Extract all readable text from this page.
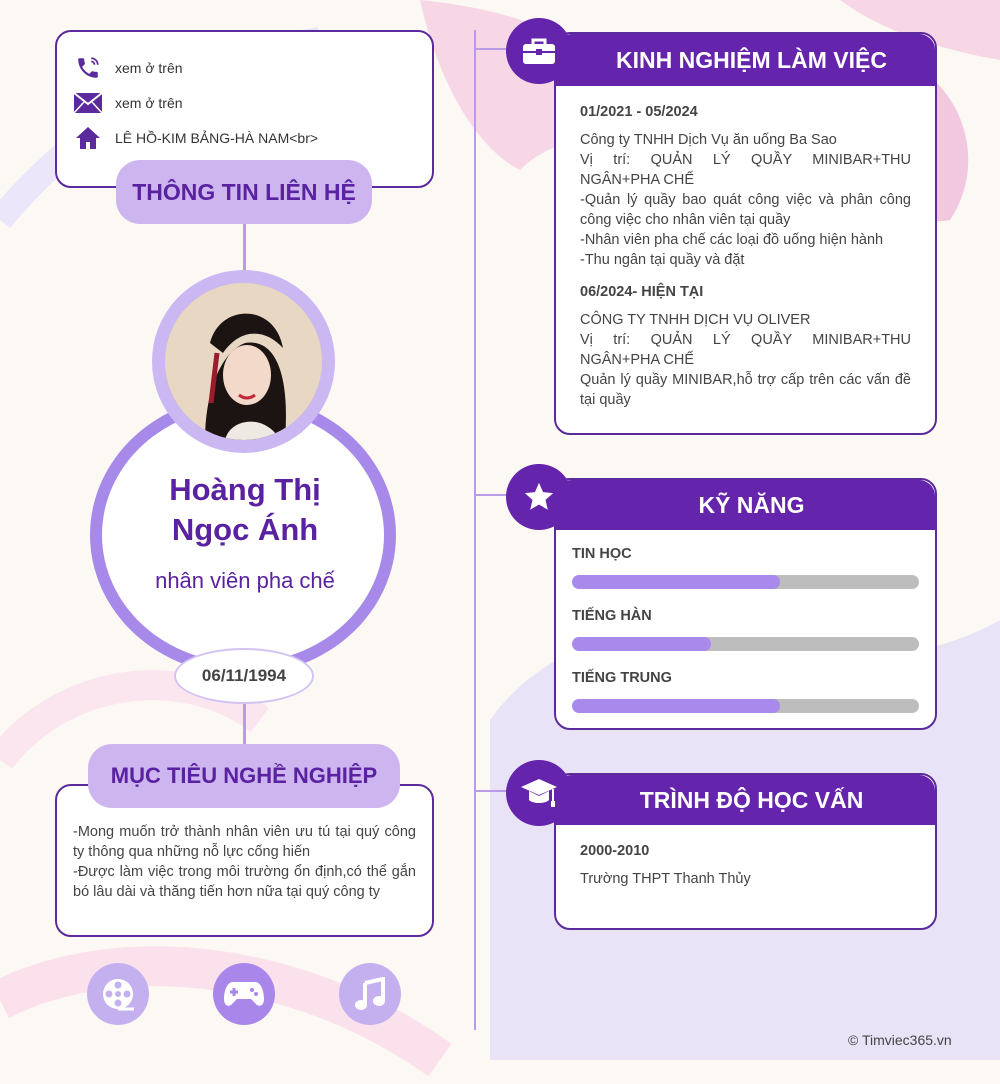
xem ở trên
xem ở trên
LÊ HỒ-KIM BẢNG-HÀ NAM<br>
THÔNG TIN LIÊN HỆ
Hoàng Thị
Ngọc Ánh
nhân viên pha chế
06/11/1994
-Mong muốn trở thành nhân viên ưu tú tại quý công ty thông qua những nỗ lực cống hiến
-Được làm việc trong môi trường ổn định,có thể gắn bó lâu dài và thăng tiến hơn nữa tại quý công ty
MỤC TIÊU NGHỀ NGHIỆP
KINH NGHIỆM LÀM VIỆC
01/2021 - 05/2024
Công ty TNHH Dịch Vụ ăn uống Ba Sao
Vị trí: QUẢN LÝ QUẦY MINIBAR+THU NGÂN+PHA CHẾ
-Quản lý quầy bao quát công việc và phân công công việc cho nhân viên tại quầy
-Nhân viên pha chế các loại đồ uống hiện hành
-Thu ngân tại quầy và đặt
06/2024- HIỆN TẠI
CÔNG TY TNHH DỊCH VỤ OLIVER
Vị trí: QUẢN LÝ QUẦY MINIBAR+THU NGÂN+PHA CHẾ
Quản lý quầy MINIBAR,hỗ trợ cấp trên các vấn đề tại quầy
KỸ NĂNG
TIN HỌC
TIẾNG HÀN
TIẾNG TRUNG
TRÌNH ĐỘ HỌC VẤN
2000-2010
Trường THPT Thanh Thủy
© Timviec365.vn
